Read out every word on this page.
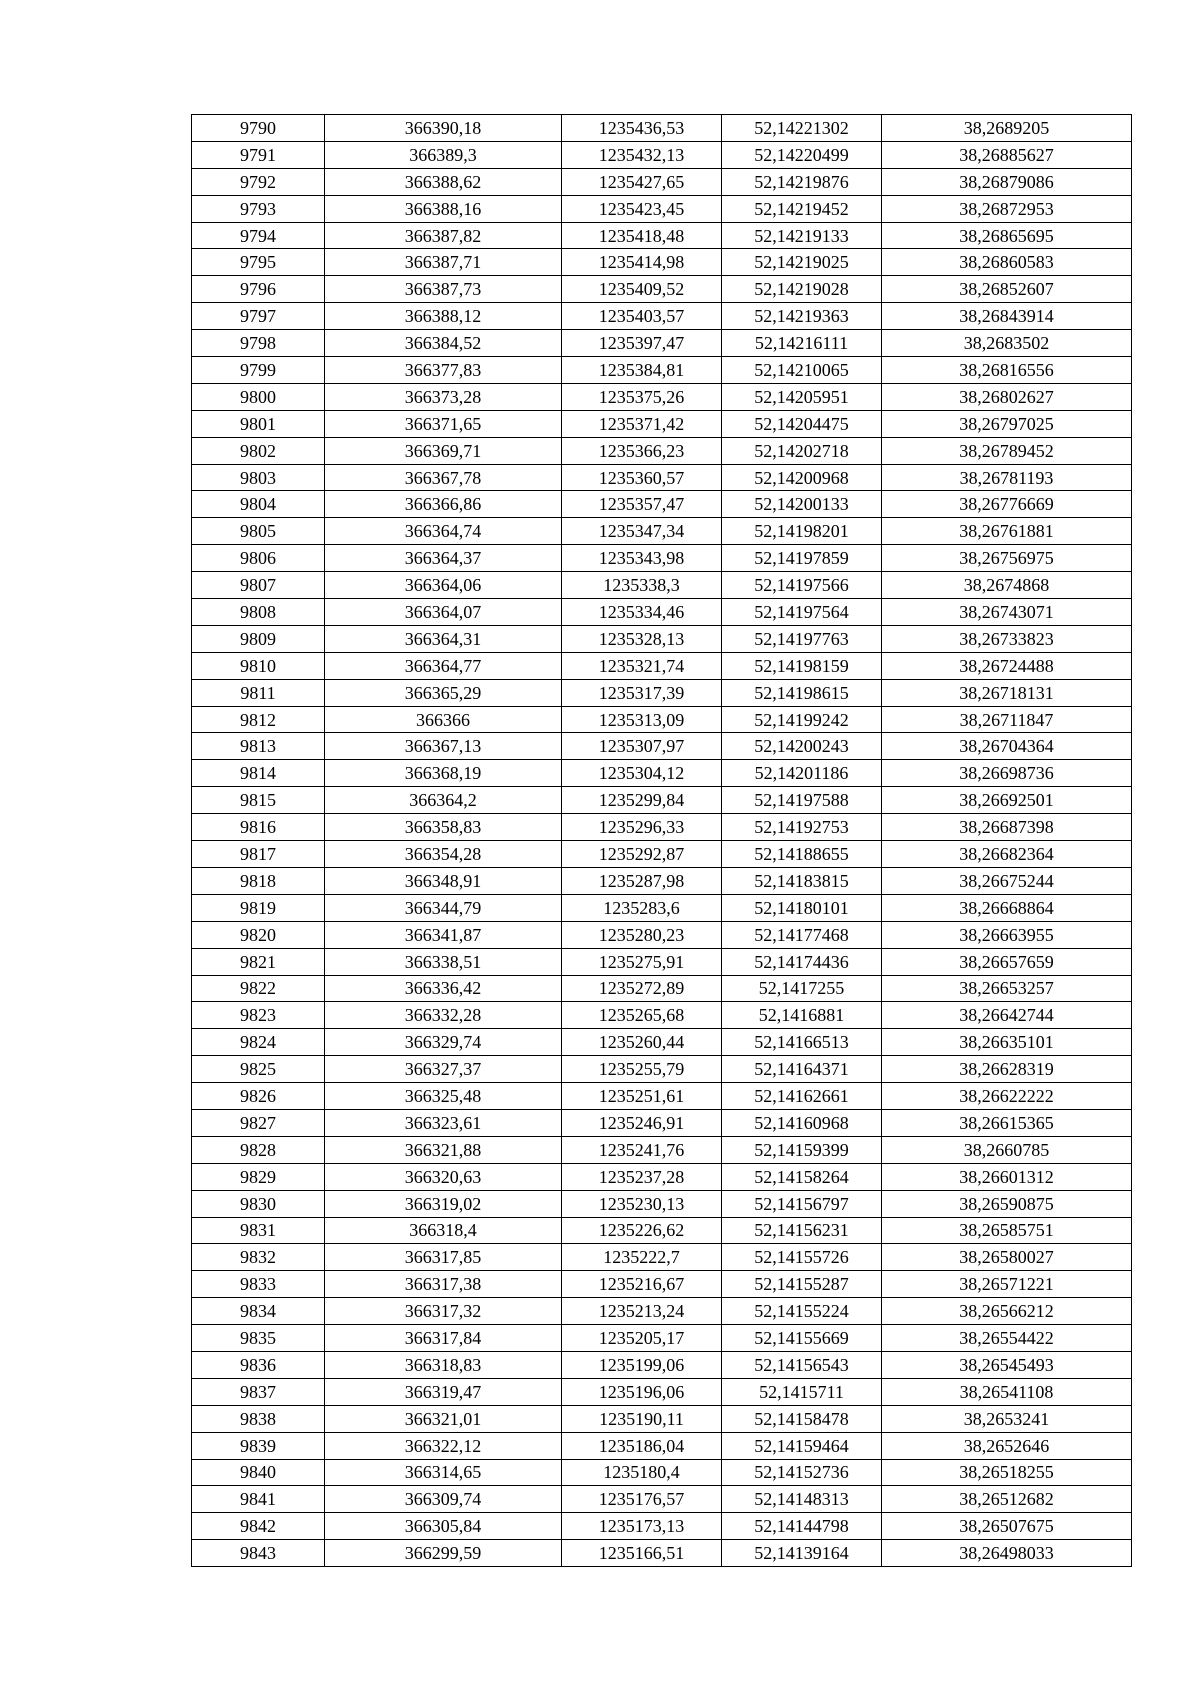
9790	366390,18	1235436,53	52,14221302	38,2689205
9791	366389,3	1235432,13	52,14220499	38,26885627
9792	366388,62	1235427,65	52,14219876	38,26879086
9793	366388,16	1235423,45	52,14219452	38,26872953
9794	366387,82	1235418,48	52,14219133	38,26865695
9795	366387,71	1235414,98	52,14219025	38,26860583
9796	366387,73	1235409,52	52,14219028	38,26852607
9797	366388,12	1235403,57	52,14219363	38,26843914
9798	366384,52	1235397,47	52,14216111	38,2683502
9799	366377,83	1235384,81	52,14210065	38,26816556
9800	366373,28	1235375,26	52,14205951	38,26802627
9801	366371,65	1235371,42	52,14204475	38,26797025
9802	366369,71	1235366,23	52,14202718	38,26789452
9803	366367,78	1235360,57	52,14200968	38,26781193
9804	366366,86	1235357,47	52,14200133	38,26776669
9805	366364,74	1235347,34	52,14198201	38,26761881
9806	366364,37	1235343,98	52,14197859	38,26756975
9807	366364,06	1235338,3	52,14197566	38,2674868
9808	366364,07	1235334,46	52,14197564	38,26743071
9809	366364,31	1235328,13	52,14197763	38,26733823
9810	366364,77	1235321,74	52,14198159	38,26724488
9811	366365,29	1235317,39	52,14198615	38,26718131
9812	366366	1235313,09	52,14199242	38,26711847
9813	366367,13	1235307,97	52,14200243	38,26704364
9814	366368,19	1235304,12	52,14201186	38,26698736
9815	366364,2	1235299,84	52,14197588	38,26692501
9816	366358,83	1235296,33	52,14192753	38,26687398
9817	366354,28	1235292,87	52,14188655	38,26682364
9818	366348,91	1235287,98	52,14183815	38,26675244
9819	366344,79	1235283,6	52,14180101	38,26668864
9820	366341,87	1235280,23	52,14177468	38,26663955
9821	366338,51	1235275,91	52,14174436	38,26657659
9822	366336,42	1235272,89	52,1417255	38,26653257
9823	366332,28	1235265,68	52,1416881	38,26642744
9824	366329,74	1235260,44	52,14166513	38,26635101
9825	366327,37	1235255,79	52,14164371	38,26628319
9826	366325,48	1235251,61	52,14162661	38,26622222
9827	366323,61	1235246,91	52,14160968	38,26615365
9828	366321,88	1235241,76	52,14159399	38,2660785
9829	366320,63	1235237,28	52,14158264	38,26601312
9830	366319,02	1235230,13	52,14156797	38,26590875
9831	366318,4	1235226,62	52,14156231	38,26585751
9832	366317,85	1235222,7	52,14155726	38,26580027
9833	366317,38	1235216,67	52,14155287	38,26571221
9834	366317,32	1235213,24	52,14155224	38,26566212
9835	366317,84	1235205,17	52,14155669	38,26554422
9836	366318,83	1235199,06	52,14156543	38,26545493
9837	366319,47	1235196,06	52,1415711	38,26541108
9838	366321,01	1235190,11	52,14158478	38,2653241
9839	366322,12	1235186,04	52,14159464	38,2652646
9840	366314,65	1235180,4	52,14152736	38,26518255
9841	366309,74	1235176,57	52,14148313	38,26512682
9842	366305,84	1235173,13	52,14144798	38,26507675
9843	366299,59	1235166,51	52,14139164	38,26498033
